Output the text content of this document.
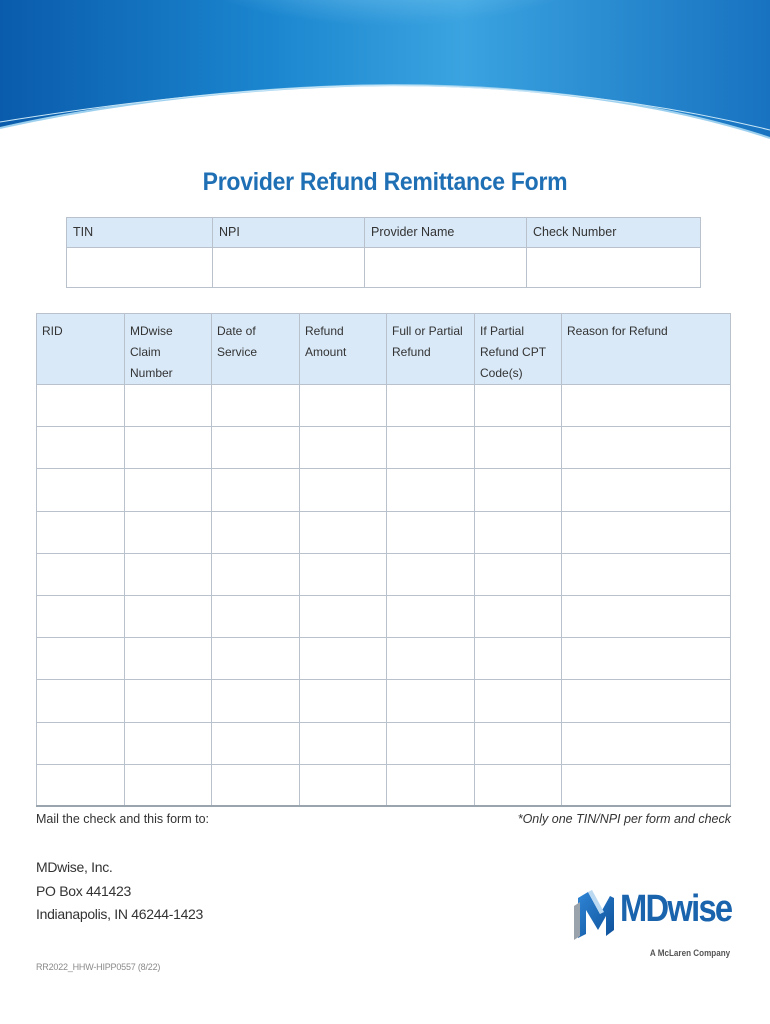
Provider Refund Remittance Form
TIN	NPI	Provider Name	Check Number

RID	MDwise Claim Number	Date of Service	Refund Amount	Full or Partial Refund	If Partial Refund CPT Code(s)	Reason for Refund

Mail the check and this form to:	*Only one TIN/NPI per form and check
MDwise, Inc.
PO Box 441423
Indianapolis, IN 46244-1423
RR2022_HHW-HIPP0557 (8/22)
MDwise
A McLaren Company
